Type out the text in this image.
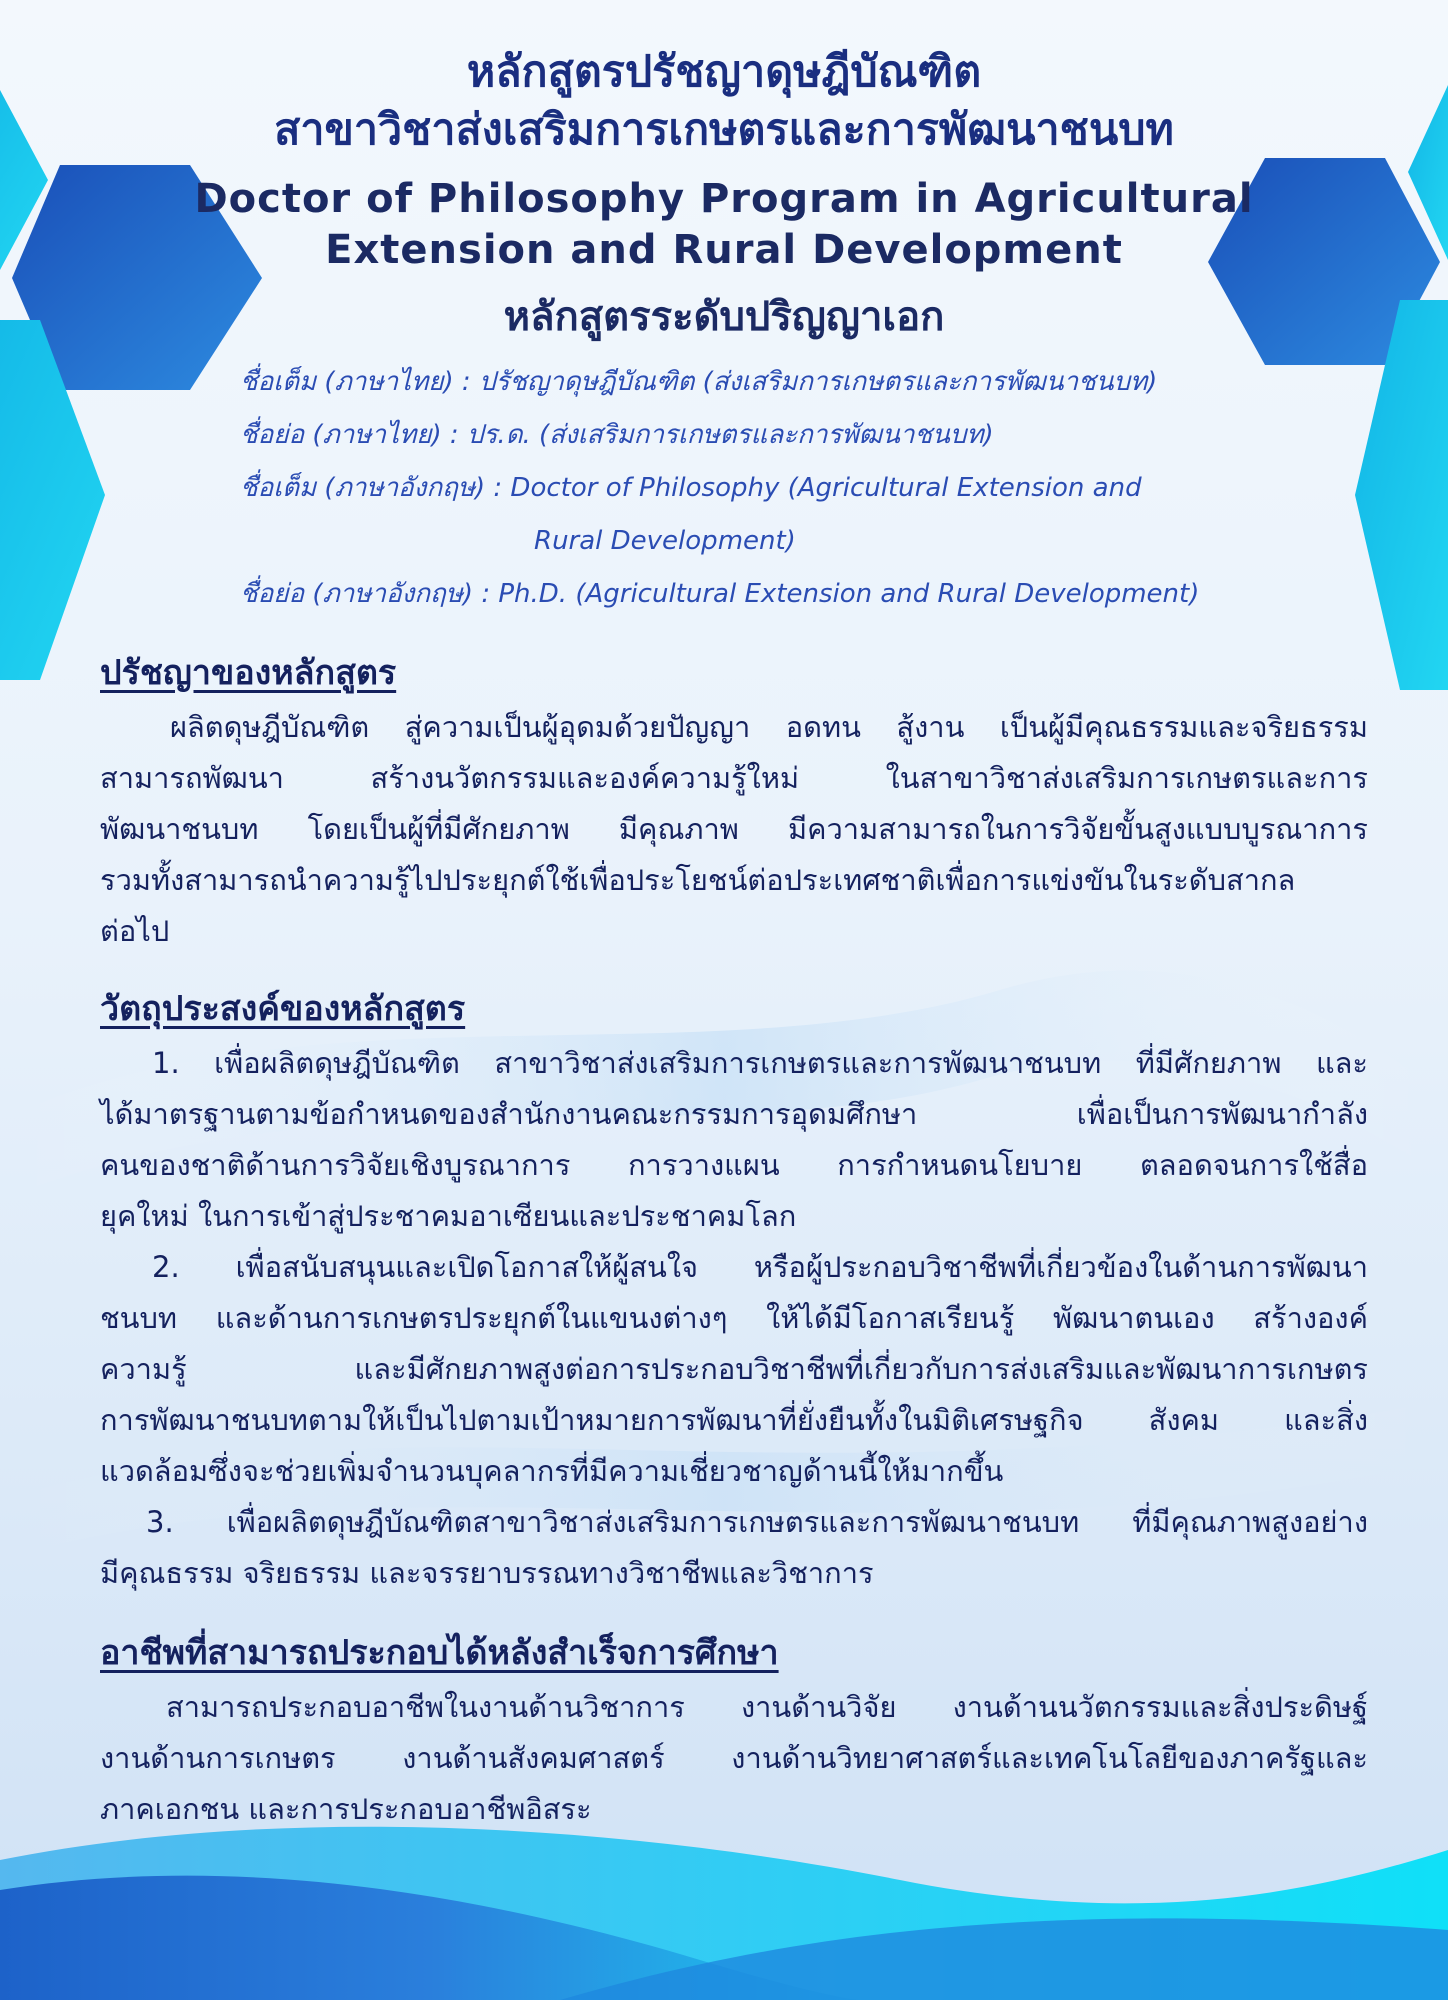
หลักสูตรปรัชญาดุษฎีบัณฑิต
สาขาวิชาส่งเสริมการเกษตรและการพัฒนาชนบท
Doctor of Philosophy Program in Agricultural
Extension and Rural Development
หลักสูตรระดับปริญญาเอก
ชื่อเต็ม (ภาษาไทย) : ปรัชญาดุษฎีบัณฑิต (ส่งเสริมการเกษตรและการพัฒนาชนบท)
ชื่อย่อ (ภาษาไทย) : ปร.ด. (ส่งเสริมการเกษตรและการพัฒนาชนบท)
ชื่อเต็ม (ภาษาอังกฤษ) : Doctor of Philosophy (Agricultural Extension and
Rural Development)
ชื่อย่อ (ภาษาอังกฤษ) : Ph.D. (Agricultural Extension and Rural Development)
ปรัชญาของหลักสูตร
ผลิตดุษฎีบัณฑิต สู่ความเป็นผู้อุดมด้วยปัญญา อดทน สู้งาน เป็นผู้มีคุณธรรมและจริยธรรม
สามารถพัฒนา สร้างนวัตกรรมและองค์ความรู้ใหม่ ในสาขาวิชาส่งเสริมการเกษตรและการ
พัฒนาชนบท โดยเป็นผู้ที่มีศักยภาพ มีคุณภาพ มีความสามารถในการวิจัยขั้นสูงแบบบูรณาการ
รวมทั้งสามารถนำความรู้ไปประยุกต์ใช้เพื่อประโยชน์ต่อประเทศชาติเพื่อการแข่งขันในระดับสากล
ต่อไป
วัตถุประสงค์ของหลักสูตร
1. เพื่อผลิตดุษฎีบัณฑิต สาขาวิชาส่งเสริมการเกษตรและการพัฒนาชนบท ที่มีศักยภาพ และ
ได้มาตรฐานตามข้อกำหนดของสำนักงานคณะกรรมการอุดมศึกษา เพื่อเป็นการพัฒนากำลัง
คนของชาติด้านการวิจัยเชิงบูรณาการ การวางแผน การกำหนดนโยบาย ตลอดจนการใช้สื่อ
ยุคใหม่ ในการเข้าสู่ประชาคมอาเซียนและประชาคมโลก
2. เพื่อสนับสนุนและเปิดโอกาสให้ผู้สนใจ หรือผู้ประกอบวิชาชีพที่เกี่ยวข้องในด้านการพัฒนา
ชนบท และด้านการเกษตรประยุกต์ในแขนงต่างๆ ให้ได้มีโอกาสเรียนรู้ พัฒนาตนเอง สร้างองค์
ความรู้ และมีศักยภาพสูงต่อการประกอบวิชาชีพที่เกี่ยวกับการส่งเสริมและพัฒนาการเกษตร
การพัฒนาชนบทตามให้เป็นไปตามเป้าหมายการพัฒนาที่ยั่งยืนทั้งในมิติเศรษฐกิจ สังคม และสิ่ง
แวดล้อมซึ่งจะช่วยเพิ่มจำนวนบุคลากรที่มีความเชี่ยวชาญด้านนี้ให้มากขึ้น
3. เพื่อผลิตดุษฎีบัณฑิตสาขาวิชาส่งเสริมการเกษตรและการพัฒนาชนบท ที่มีคุณภาพสูงอย่าง
มีคุณธรรม จริยธรรม และจรรยาบรรณทางวิชาชีพและวิชาการ
อาชีพที่สามารถประกอบได้หลังสำเร็จการศึกษา
สามารถประกอบอาชีพในงานด้านวิชาการ งานด้านวิจัย งานด้านนวัตกรรมและสิ่งประดิษฐ์
งานด้านการเกษตร งานด้านสังคมศาสตร์ งานด้านวิทยาศาสตร์และเทคโนโลยีของภาครัฐและ
ภาคเอกชน และการประกอบอาชีพอิสระ
